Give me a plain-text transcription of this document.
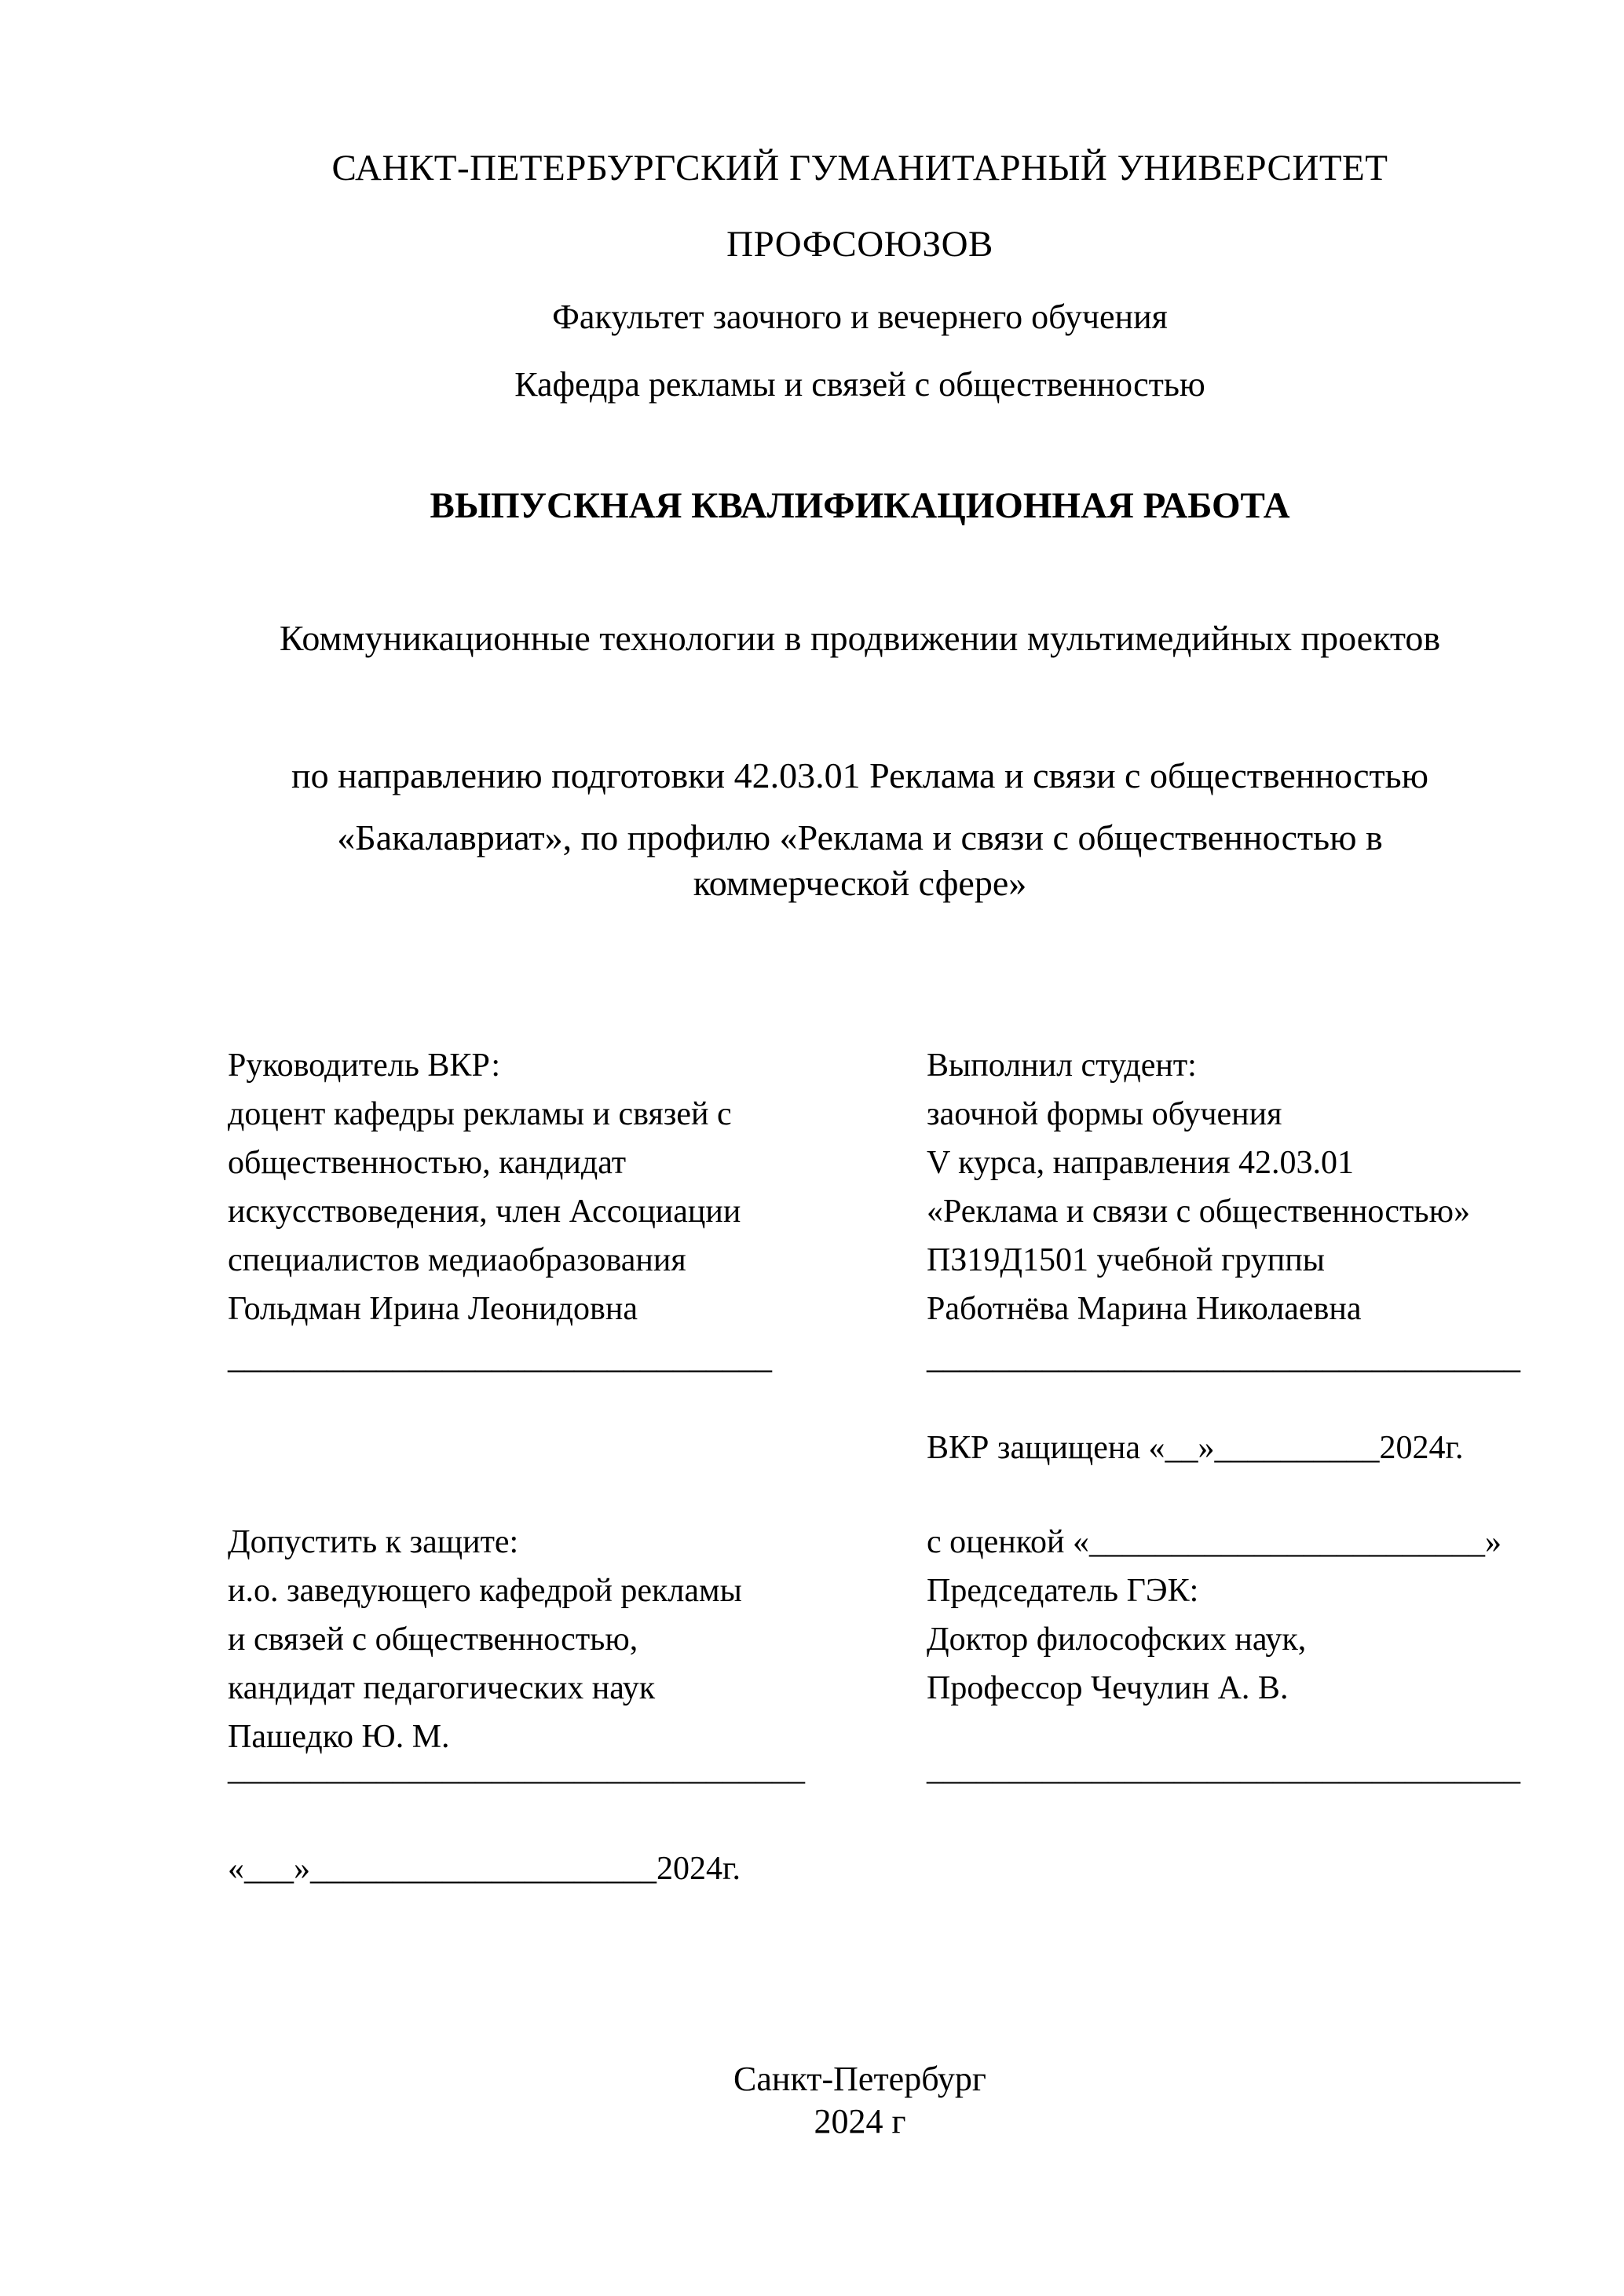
САНКТ-ПЕТЕРБУРГСКИЙ ГУМАНИТАРНЫЙ УНИВЕРСИТЕТ
ПРОФСОЮЗОВ
Факультет заочного и вечернего обучения
Кафедра рекламы и связей с общественностью
ВЫПУСКНАЯ КВАЛИФИКАЦИОННАЯ РАБОТА
Коммуникационные технологии в продвижении мультимедийных проектов
по направлению подготовки 42.03.01 Реклама и связи с общественностью
«Бакалавриат», по профилю «Реклама и связи с общественностью в
коммерческой сфере»
Руководитель ВКР:
доцент кафедры рекламы и связей с
общественностью, кандидат
искусствоведения, член Ассоциации
специалистов медиаобразования
Гольдман Ирина Леонидовна
_________________________________
Выполнил студент:
заочной формы обучения
V курса, направления 42.03.01
«Реклама и связи с общественностью»
ПЗ19Д1501 учебной группы
Работнёва Марина Николаевна
____________________________________
ВКР защищена «__»__________2024г.
Допустить к защите:
и.о. заведующего кафедрой рекламы
и связей с общественностью,
кандидат педагогических наук
Пашедко Ю. М.
с оценкой «________________________»
Председатель ГЭК:
Доктор философских наук,
Профессор Чечулин А. В.
___________________________________	____________________________________
«___»_____________________2024г.
Санкт-Петербург
2024 г
